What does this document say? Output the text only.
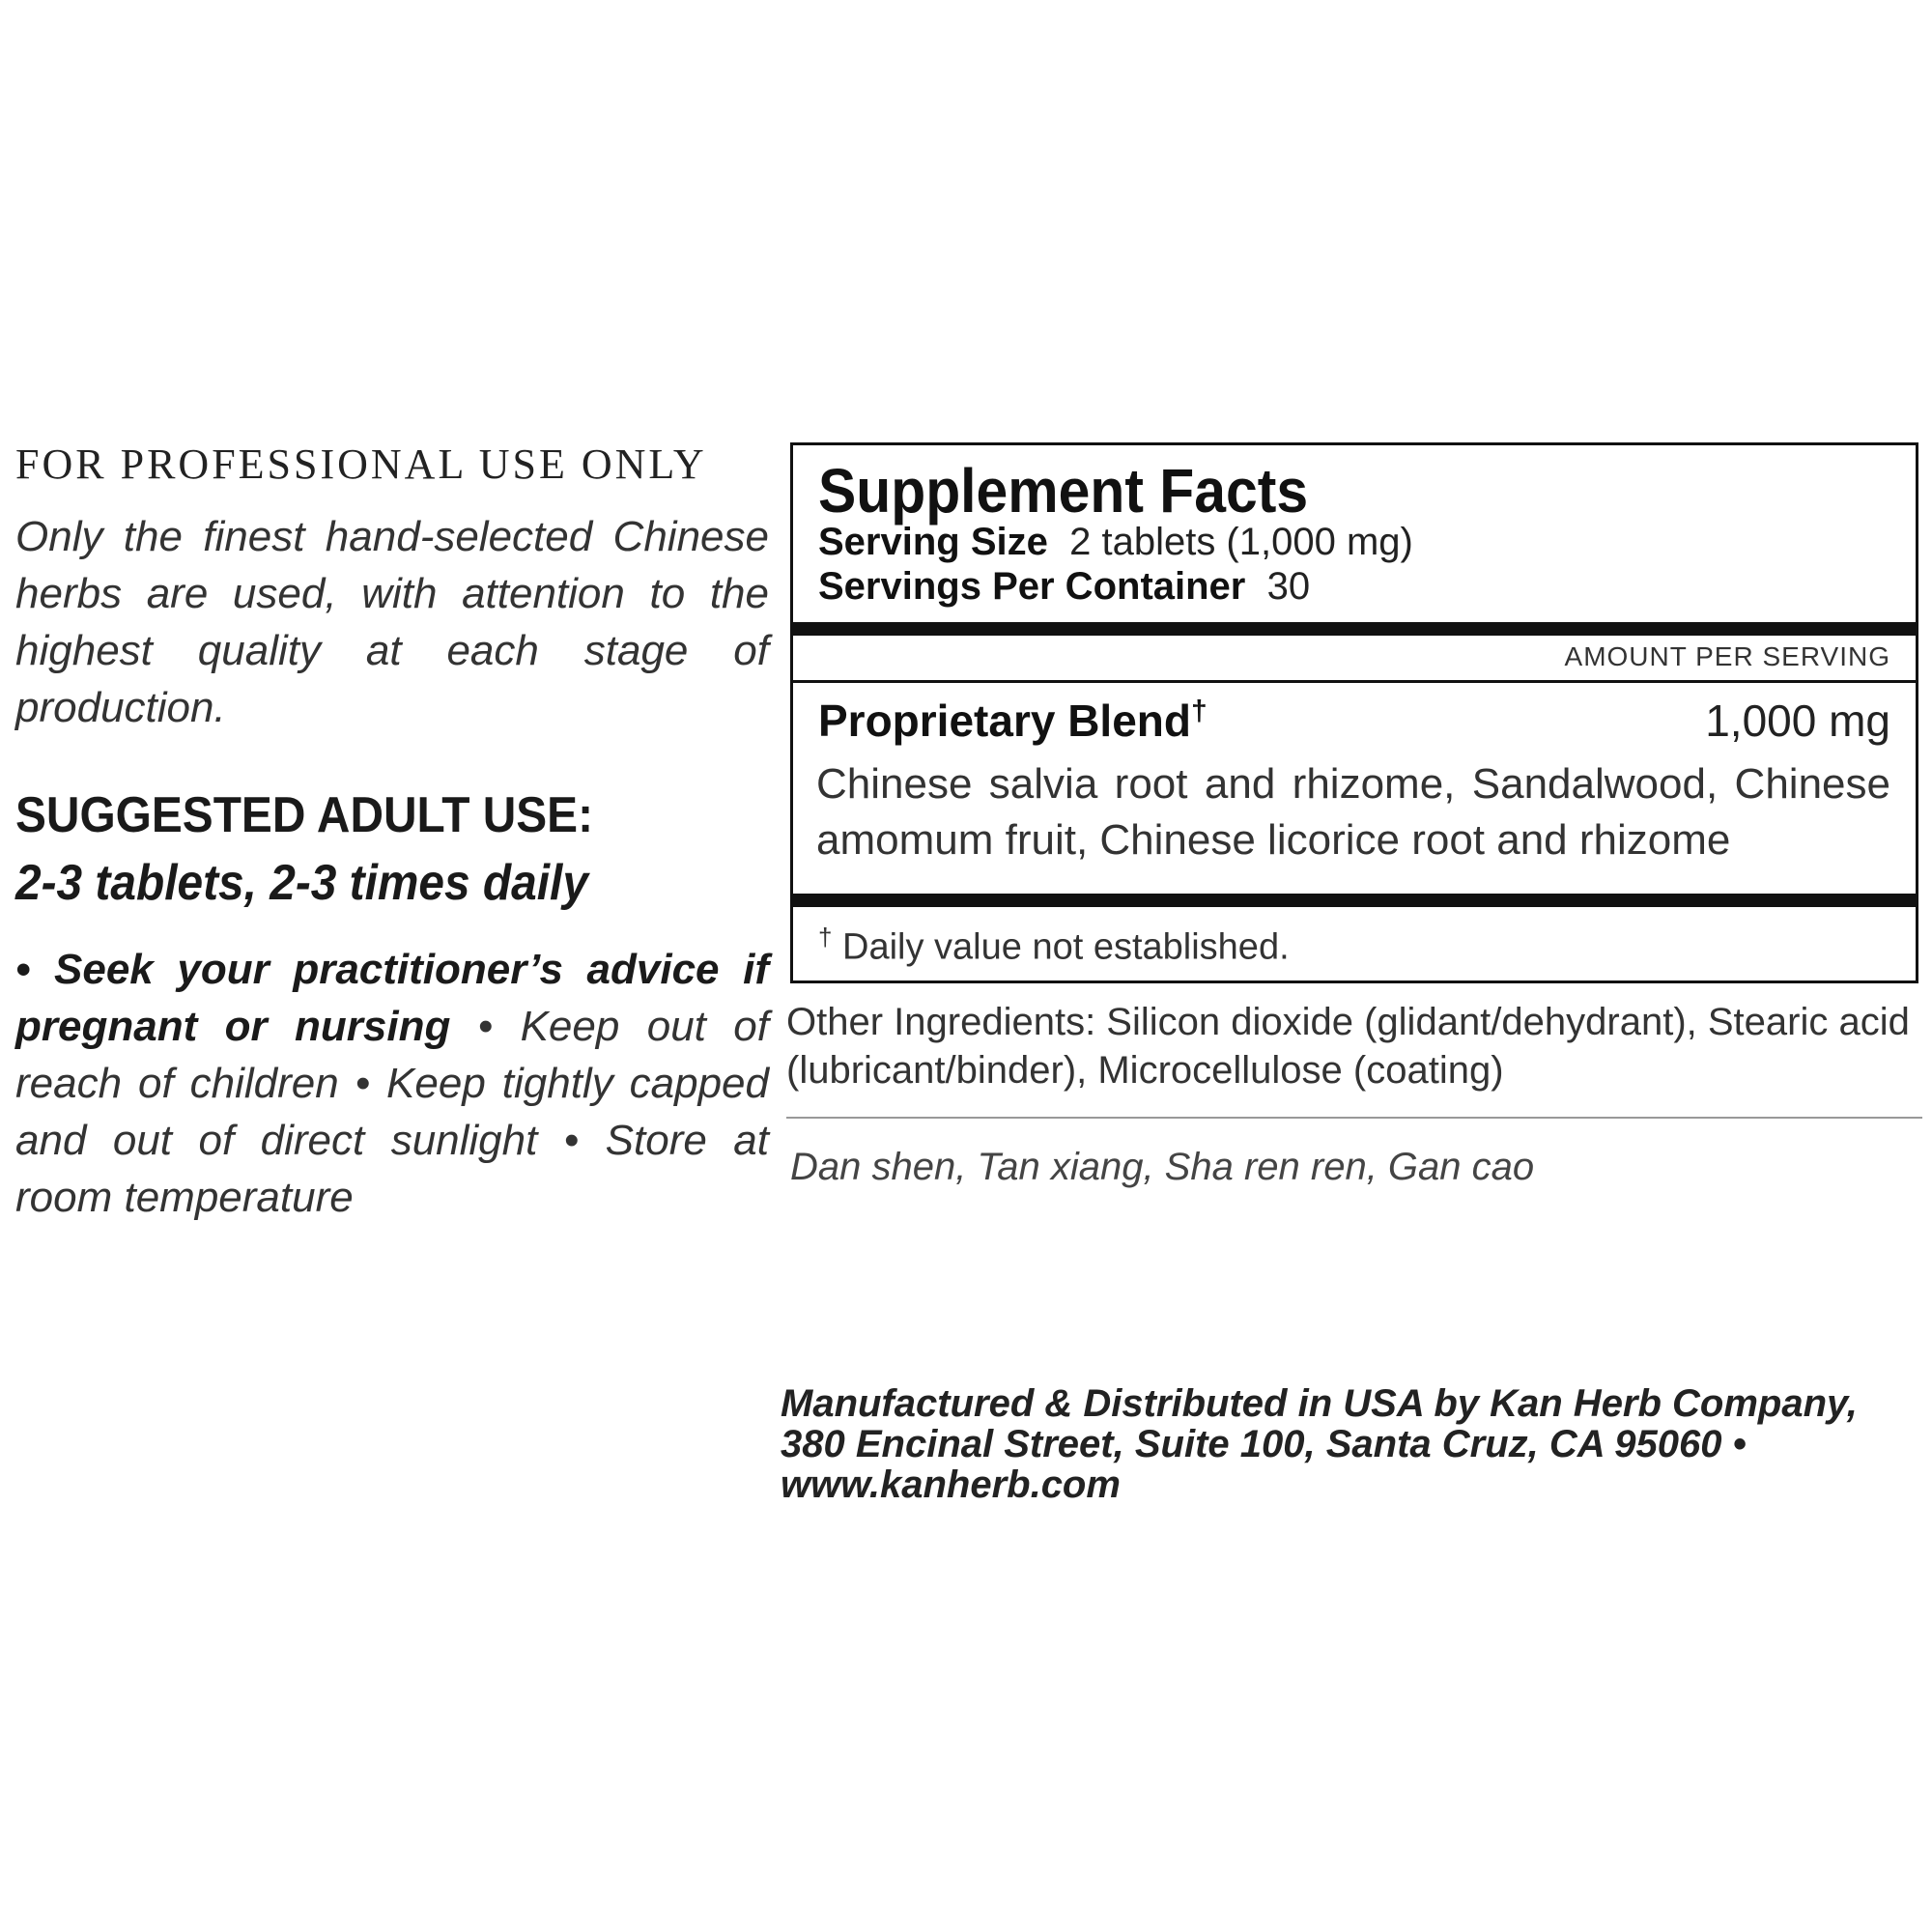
FOR PROFESSIONAL USE ONLY

Only the finest hand-selected Chinese herbs are used, with attention to the highest quality at each stage of production.

SUGGESTED ADULT USE:
2-3 tablets, 2-3 times daily

• Seek your practitioner’s advice if pregnant or nursing • Keep out of reach of children • Keep tightly capped and out of direct sunlight • Store at room temperature

Supplement Facts
Serving Size 2 tablets (1,000 mg)
Servings Per Container 30
AMOUNT PER SERVING
Proprietary Blend†	1,000 mg

Chinese salvia root and rhizome, Sandalwood, Chinese amomum fruit, Chinese licorice root and rhizome

† Daily value not established.

Other Ingredients: Silicon dioxide (glidant/dehydrant), Stearic acid (lubricant/binder), Microcellulose (coating)

Dan shen, Tan xiang, Sha ren ren, Gan cao

Manufactured & Distributed in USA by Kan Herb Company, 380 Encinal Street, Suite 100, Santa Cruz, CA 95060 • www.kanherb.com
